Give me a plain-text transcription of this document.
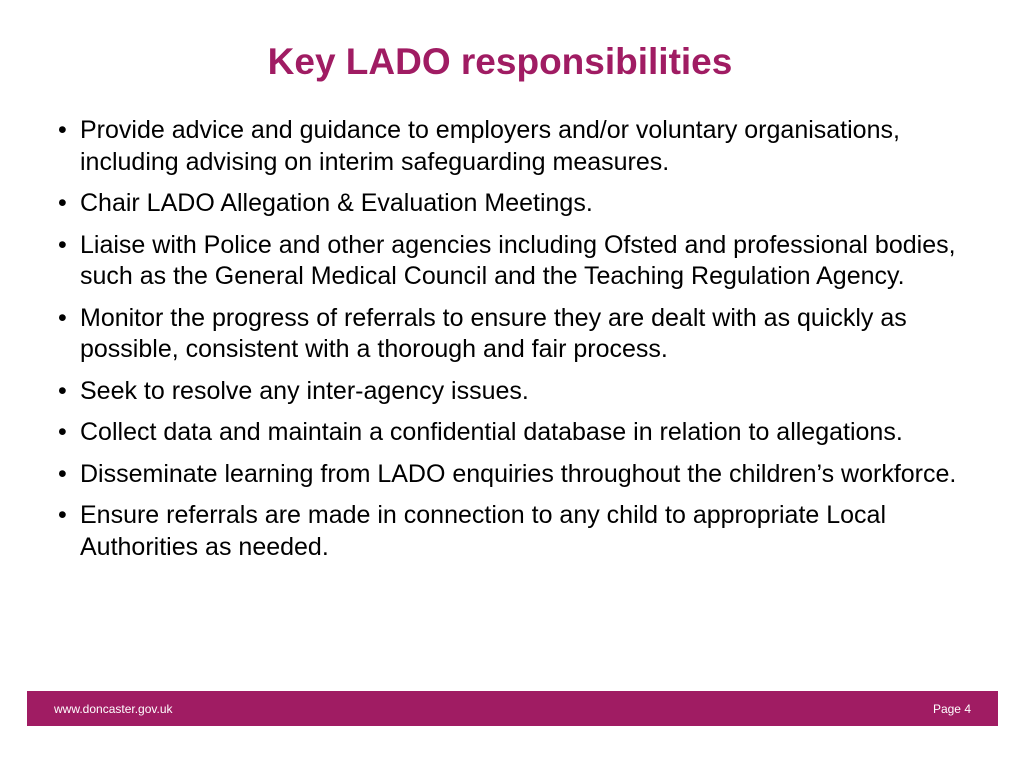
Key LADO responsibilities
• Provide advice and guidance to employers and/or voluntary organisations, including advising on interim safeguarding measures.
• Chair LADO Allegation & Evaluation Meetings.
• Liaise with Police and other agencies including Ofsted and professional bodies, such as the General Medical Council and the Teaching Regulation Agency.
• Monitor the progress of referrals to ensure they are dealt with as quickly as possible, consistent with a thorough and fair process.
• Seek to resolve any inter-agency issues.
• Collect data and maintain a confidential database in relation to allegations.
• Disseminate learning from LADO enquiries throughout the children’s workforce.
• Ensure referrals are made in connection to any child to appropriate Local Authorities as needed.
www.doncaster.gov.uk	Page 4
